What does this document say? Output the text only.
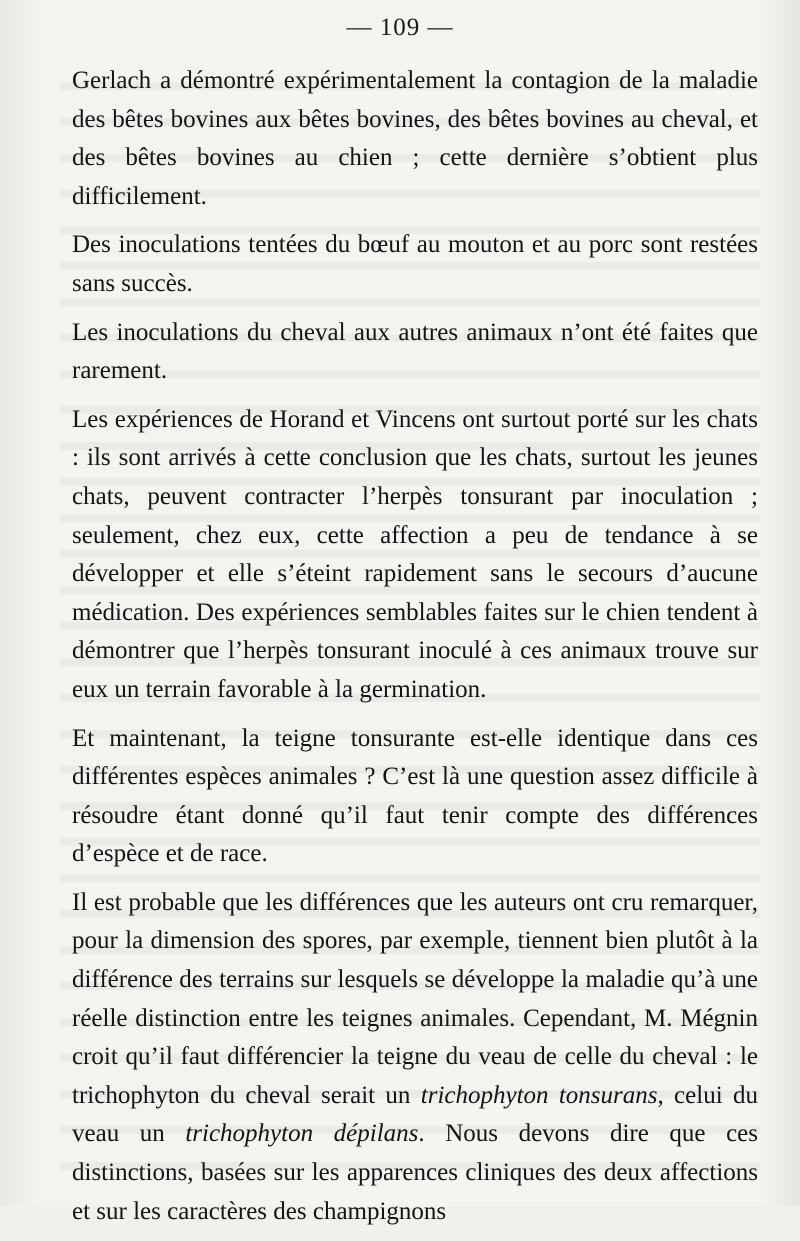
— 109 —

Gerlach a démontré expérimentalement la contagion de la maladie des bêtes bovines aux bêtes bovines, des bêtes bovines au cheval, et des bêtes bovines au chien ; cette dernière s’obtient plus difficilement.

Des inoculations tentées du bœuf au mouton et au porc sont restées sans succès.

Les inoculations du cheval aux autres animaux n’ont été faites que rarement.

Les expériences de Horand et Vincens ont surtout porté sur les chats : ils sont arrivés à cette conclusion que les chats, surtout les jeunes chats, peuvent contracter l’herpès tonsurant par inoculation ; seulement, chez eux, cette affection a peu de tendance à se développer et elle s’éteint rapidement sans le secours d’aucune médication. Des expériences semblables faites sur le chien tendent à démontrer que l’herpès tonsurant inoculé à ces animaux trouve sur eux un terrain favorable à la germination.

Et maintenant, la teigne tonsurante est-elle identique dans ces différentes espèces animales ? C’est là une question assez difficile à résoudre étant donné qu’il faut tenir compte des différences d’espèce et de race.

Il est probable que les différences que les auteurs ont cru remarquer, pour la dimension des spores, par exemple, tiennent bien plutôt à la différence des terrains sur lesquels se développe la maladie qu’à une réelle distinction entre les teignes animales. Cependant, M. Mégnin croit qu’il faut différencier la teigne du veau de celle du cheval : le trichophyton du cheval serait un trichophyton tonsurans, celui du veau un trichophyton dépilans. Nous devons dire que ces distinctions, basées sur les apparences cliniques des deux affections et sur les caractères des champignons
